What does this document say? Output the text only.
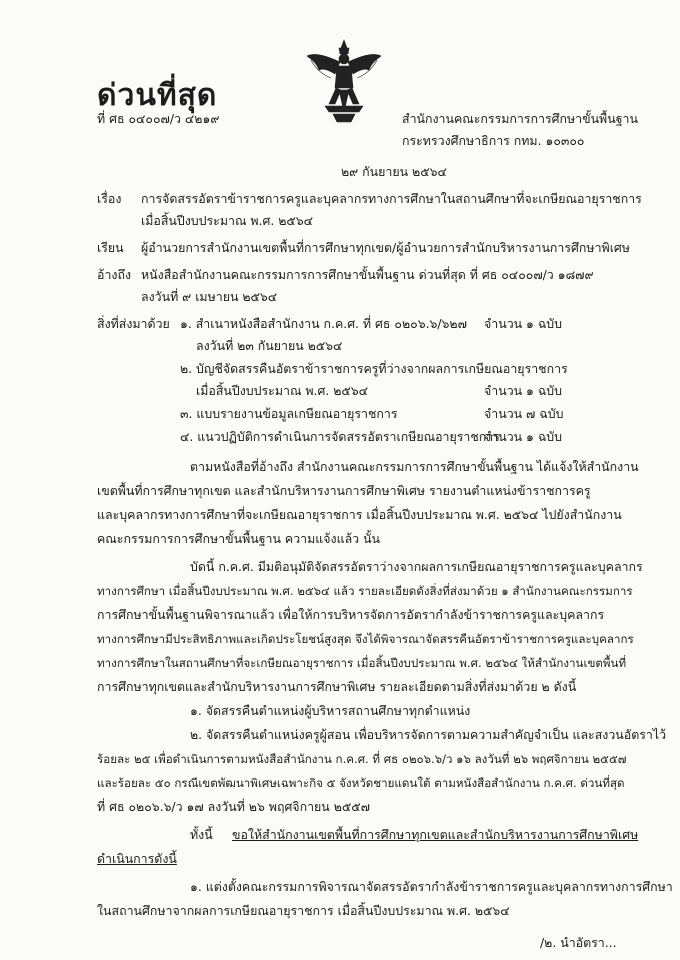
ด่วนที่สุด
ที่ ศธ ๐๔๐๐๗/ว ๔๒๑๙	สำนักงานคณะกรรมการการศึกษาขั้นพื้นฐาน
กระทรวงศึกษาธิการ กทม. ๑๐๓๐๐
๒๙ กันยายน ๒๕๖๔
เรื่อง การจัดสรรอัตราข้าราชการครูและบุคลากรทางการศึกษาในสถานศึกษาที่จะเกษียณอายุราชการ
เมื่อสิ้นปีงบประมาณ พ.ศ. ๒๕๖๔
เรียน ผู้อำนวยการสำนักงานเขตพื้นที่การศึกษาทุกเขต/ผู้อำนวยการสำนักบริหารงานการศึกษาพิเศษ
อ้างถึง หนังสือสำนักงานคณะกรรมการการศึกษาขั้นพื้นฐาน ด่วนที่สุด ที่ ศธ ๐๔๐๐๗/ว ๑๘๗๙
ลงวันที่ ๙ เมษายน ๒๕๖๔
สิ่งที่ส่งมาด้วย ๑. สำเนาหนังสือสำนักงาน ก.ค.ศ. ที่ ศธ ๐๒๐๖.๖/๖๒๗ จำนวน ๑ ฉบับ
ลงวันที่ ๒๓ กันยายน ๒๕๖๔
๒. บัญชีจัดสรรคืนอัตราข้าราชการครูที่ว่างจากผลการเกษียณอายุราชการ
เมื่อสิ้นปีงบประมาณ พ.ศ. ๒๕๖๔	จำนวน ๑ ฉบับ
๓. แบบรายงานข้อมูลเกษียณอายุราชการ	จำนวน ๗ ฉบับ
๔. แนวปฏิบัติการดำเนินการจัดสรรอัตราเกษียณอายุราชการ
จำนวน ๑ ฉบับ
ตามหนังสือที่อ้างถึง สำนักงานคณะกรรมการการศึกษาขั้นพื้นฐาน ได้แจ้งให้สำนักงาน
เขตพื้นที่การศึกษาทุกเขต และสำนักบริหารงานการศึกษาพิเศษ รายงานตำแหน่งข้าราชการครู
และบุคลากรทางการศึกษาที่จะเกษียณอายุราชการ เมื่อสิ้นปีงบประมาณ พ.ศ. ๒๕๖๔ ไปยังสำนักงาน
คณะกรรมการการศึกษาขั้นพื้นฐาน ความแจ้งแล้ว นั้น
บัดนี้ ก.ค.ศ. มีมติอนุมัติจัดสรรอัตราว่างจากผลการเกษียณอายุราชการครูและบุคลากร
ทางการศึกษา เมื่อสิ้นปีงบประมาณ พ.ศ. ๒๕๖๔ แล้ว รายละเอียดดังสิ่งที่ส่งมาด้วย ๑ สำนักงานคณะกรรมการ
การศึกษาขั้นพื้นฐานพิจารณาแล้ว เพื่อให้การบริหารจัดการอัตรากำลังข้าราชการครูและบุคลากร
ทางการศึกษามีประสิทธิภาพและเกิดประโยชน์สูงสุด จึงได้พิจารณาจัดสรรคืนอัตราข้าราชการครูและบุคลากร
ทางการศึกษาในสถานศึกษาที่จะเกษียณอายุราชการ เมื่อสิ้นปีงบประมาณ พ.ศ. ๒๕๖๔ ให้สำนักงานเขตพื้นที่
การศึกษาทุกเขตและสำนักบริหารงานการศึกษาพิเศษ รายละเอียดตามสิ่งที่ส่งมาด้วย ๒ ดังนี้
๑. จัดสรรคืนตำแหน่งผู้บริหารสถานศึกษาทุกตำแหน่ง
๒. จัดสรรคืนตำแหน่งครูผู้สอน เพื่อบริหารจัดการตามความสำคัญจำเป็น และสงวนอัตราไว้
ร้อยละ ๒๕ เพื่อดำเนินการตามหนังสือสำนักงาน ก.ค.ศ. ที่ ศธ ๐๒๐๖.๖/ว ๑๖ ลงวันที่ ๒๖ พฤศจิกายน ๒๕๕๗
และร้อยละ ๕๐ กรณีเขตพัฒนาพิเศษเฉพาะกิจ ๕ จังหวัดชายแดนใต้ ตามหนังสือสำนักงาน ก.ค.ศ. ด่วนที่สุด
ที่ ศธ ๐๒๐๖.๖/ว ๑๗ ลงวันที่ ๒๖ พฤศจิกายน ๒๕๕๗
ทั้งนี้ ขอให้สำนักงานเขตพื้นที่การศึกษาทุกเขตและสำนักบริหารงานการศึกษาพิเศษ
ดำเนินการดังนี้
๑. แต่งตั้งคณะกรรมการพิจารณาจัดสรรอัตรากำลังข้าราชการครูและบุคลากรทางการศึกษา
ในสถานศึกษาจากผลการเกษียณอายุราชการ เมื่อสิ้นปีงบประมาณ พ.ศ. ๒๕๖๔
/๒. นำอัตรา...
